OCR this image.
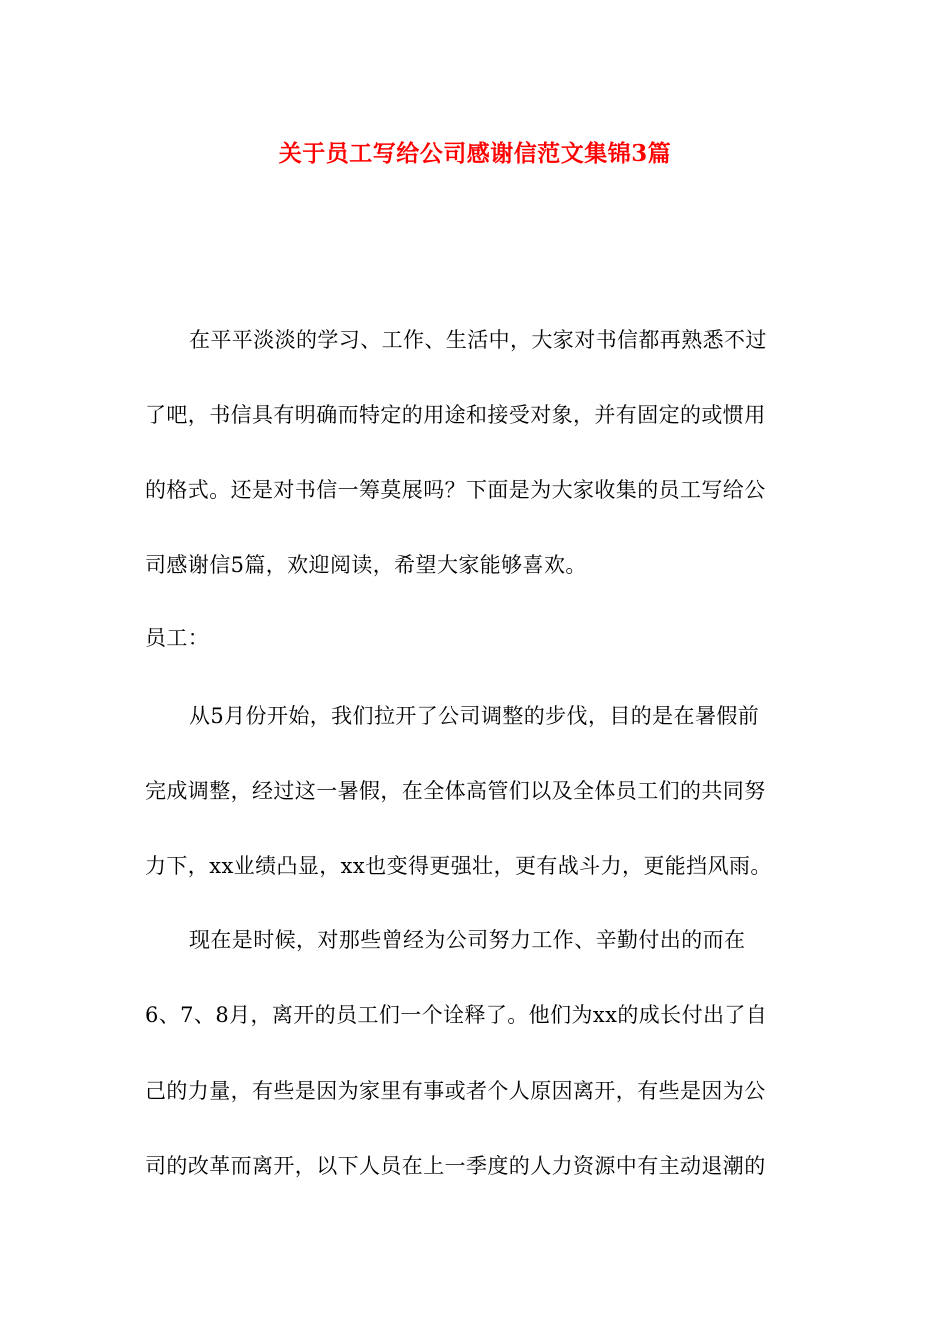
关于员工写给公司感谢信范文集锦3篇

在平平淡淡的学习、工作、生活中，大家对书信都再熟悉不过

了吧，书信具有明确而特定的用途和接受对象，并有固定的或惯用

的格式。还是对书信一筹莫展吗？下面是为大家收集的员工写给公

司感谢信5篇，欢迎阅读，希望大家能够喜欢。

员工：

从5月份开始，我们拉开了公司调整的步伐，目的是在暑假前

完成调整，经过这一暑假，在全体高管们以及全体员工们的共同努

力下，xx业绩凸显，xx也变得更强壮，更有战斗力，更能挡风雨。

现在是时候，对那些曾经为公司努力工作、辛勤付出的而在

6、7、8月，离开的员工们一个诠释了。他们为xx的成长付出了自

己的力量，有些是因为家里有事或者个人原因离开，有些是因为公

司的改革而离开，以下人员在上一季度的人力资源中有主动退潮的
